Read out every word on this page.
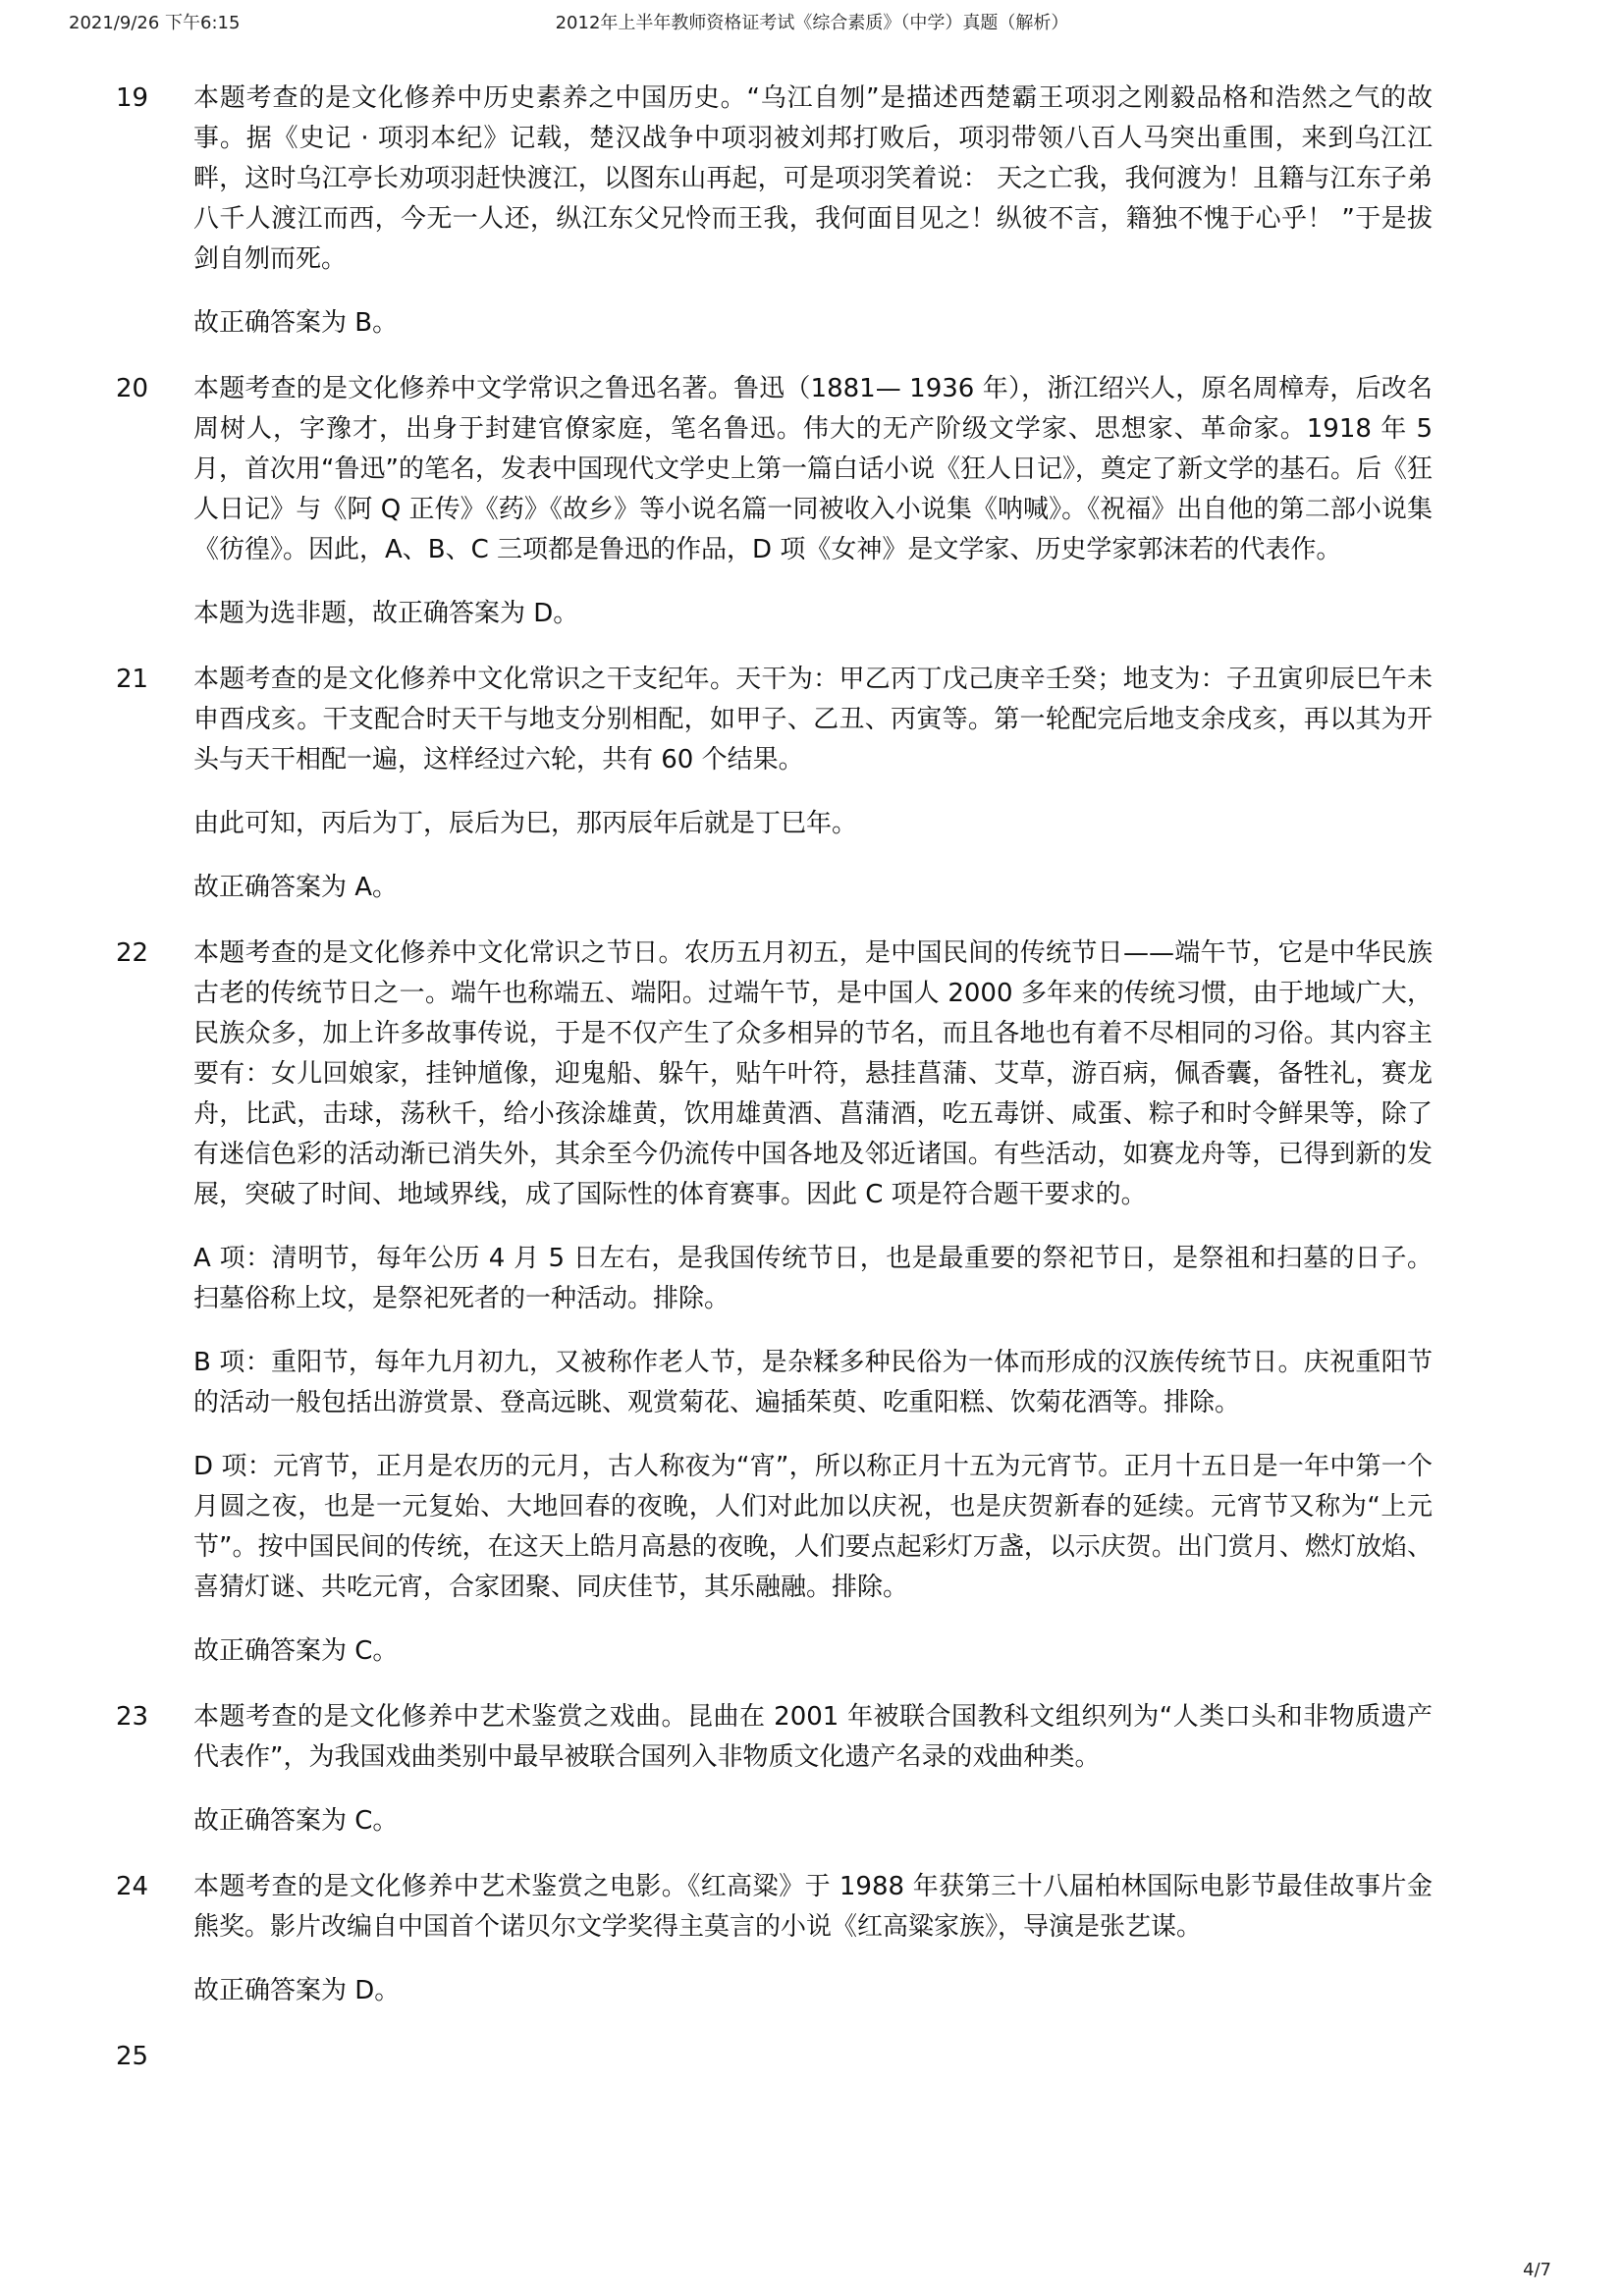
2021/9/26 下午6:15	2012年上半年教师资格证考试《综合素质》（中学）真题（解析）
19 本题考查的是文化修养中历史素养之中国历史。“乌江自刎”是描述西楚霸王项羽之刚毅品格和浩然之气的故事。据《史记 · 项羽本纪》记载，楚汉战争中项羽被刘邦打败后，项羽带领八百人马突出重围，来到乌江江畔，这时乌江亭长劝项羽赶快渡江，以图东山再起，可是项羽笑着说： 天之亡我，我何渡为！且籍与江东子弟八千人渡江而西，今无一人还，纵江东父兄怜而王我，我何面目见之！纵彼不言，籍独不愧于心乎！ ”于是拔剑自刎而死。

故正确答案为 B。

20 本题考查的是文化修养中文学常识之鲁迅名著。鲁迅（1881— 1936 年），浙江绍兴人，原名周樟寿，后改名周树人，字豫才，出身于封建官僚家庭，笔名鲁迅。伟大的无产阶级文学家、思想家、革命家。1918 年 5 月，首次用“鲁迅”的笔名，发表中国现代文学史上第一篇白话小说《狂人日记》，奠定了新文学的基石。后《狂人日记》与《阿 Q 正传》《药》《故乡》等小说名篇一同被收入小说集《呐喊》。《祝福》出自他的第二部小说集《彷徨》。因此，A、B、C 三项都是鲁迅的作品，D 项《女神》是文学家、历史学家郭沫若的代表作。

本题为选非题，故正确答案为 D。

21 本题考查的是文化修养中文化常识之干支纪年。天干为：甲乙丙丁戊己庚辛壬癸；地支为：子丑寅卯辰巳午未申酉戌亥。干支配合时天干与地支分别相配，如甲子、乙丑、丙寅等。第一轮配完后地支余戌亥，再以其为开头与天干相配一遍，这样经过六轮，共有 60 个结果。

由此可知，丙后为丁，辰后为巳，那丙辰年后就是丁巳年。

故正确答案为 A。

22 本题考查的是文化修养中文化常识之节日。农历五月初五，是中国民间的传统节日——端午节，它是中华民族古老的传统节日之一。端午也称端五、端阳。过端午节，是中国人 2000 多年来的传统习惯，由于地域广大，民族众多，加上许多故事传说，于是不仅产生了众多相异的节名，而且各地也有着不尽相同的习俗。其内容主要有：女儿回娘家，挂钟馗像，迎鬼船、躲午，贴午叶符，悬挂菖蒲、艾草，游百病，佩香囊，备牲礼，赛龙舟，比武，击球，荡秋千，给小孩涂雄黄，饮用雄黄酒、菖蒲酒，吃五毒饼、咸蛋、粽子和时令鲜果等，除了有迷信色彩的活动渐已消失外，其余至今仍流传中国各地及邻近诸国。有些活动，如赛龙舟等，已得到新的发展，突破了时间、地域界线，成了国际性的体育赛事。因此 C 项是符合题干要求的。

A 项：清明节，每年公历 4 月 5 日左右，是我国传统节日，也是最重要的祭祀节日，是祭祖和扫墓的日子。扫墓俗称上坟，是祭祀死者的一种活动。排除。

B 项：重阳节，每年九月初九，又被称作老人节，是杂糅多种民俗为一体而形成的汉族传统节日。庆祝重阳节的活动一般包括出游赏景、登高远眺、观赏菊花、遍插茱萸、吃重阳糕、饮菊花酒等。排除。

D 项：元宵节，正月是农历的元月，古人称夜为“宵”，所以称正月十五为元宵节。正月十五日是一年中第一个月圆之夜，也是一元复始、大地回春的夜晚，人们对此加以庆祝，也是庆贺新春的延续。元宵节又称为“上元节”。按中国民间的传统，在这天上皓月高悬的夜晚，人们要点起彩灯万盏，以示庆贺。出门赏月、燃灯放焰、喜猜灯谜、共吃元宵，合家团聚、同庆佳节，其乐融融。排除。

故正确答案为 C。

23 本题考查的是文化修养中艺术鉴赏之戏曲。昆曲在 2001 年被联合国教科文组织列为“人类口头和非物质遗产代表作”，为我国戏曲类别中最早被联合国列入非物质文化遗产名录的戏曲种类。

故正确答案为 C。

24 本题考查的是文化修养中艺术鉴赏之电影。《红高粱》于 1988 年获第三十八届柏林国际电影节最佳故事片金熊奖。影片改编自中国首个诺贝尔文学奖得主莫言的小说《红高粱家族》，导演是张艺谋。

故正确答案为 D。

25
4/7
